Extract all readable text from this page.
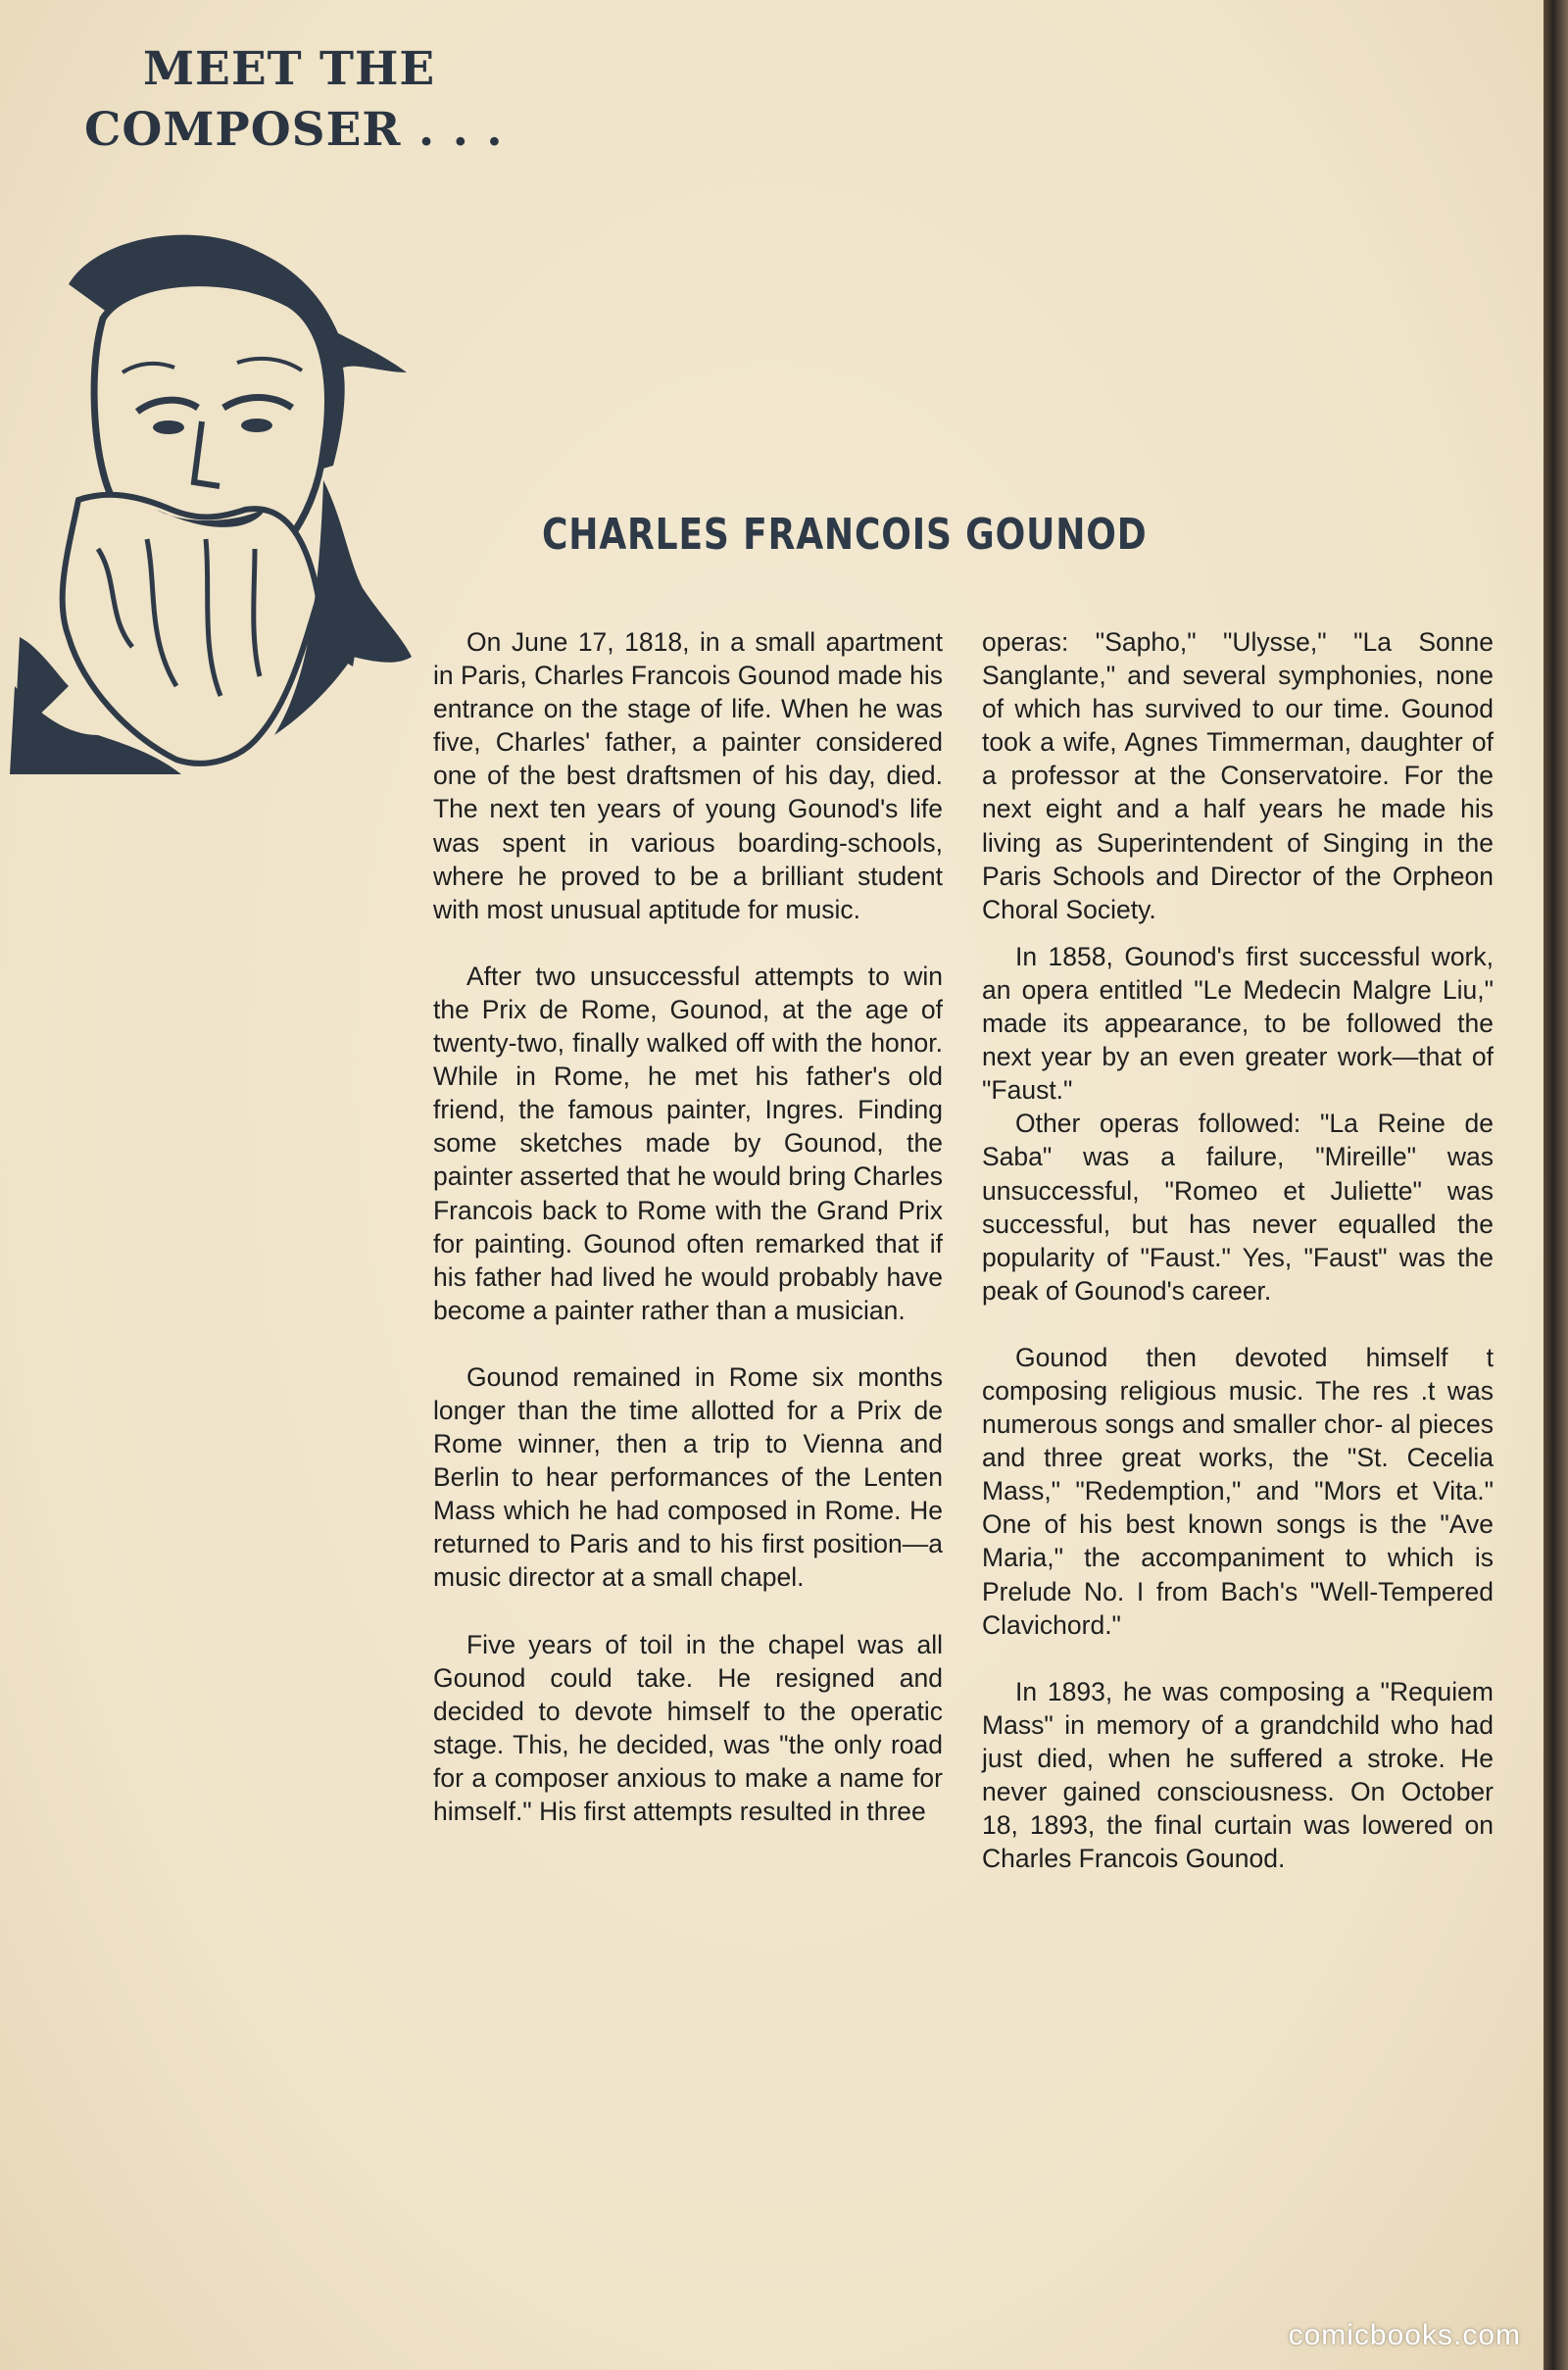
MEET THE
COMPOSER . . .
CHARLES FRANCOIS GOUNOD

On June 17, 1818, in a small apartment in Paris, Charles Francois Gounod made his entrance on the stage of life. When he was five, Charles' father, a painter considered one of the best draftsmen of his day, died. The next ten years of young Gounod's life was spent in various boarding-schools, where he proved to be a brilliant student with most unusual aptitude for music.

After two unsuccessful attempts to win the Prix de Rome, Gounod, at the age of twenty-two, finally walked off with the honor. While in Rome, he met his father's old friend, the famous painter, Ingres. Finding some sketches made by Gounod, the painter asserted that he would bring Charles Francois back to Rome with the Grand Prix for painting. Gounod often remarked that if his father had lived he would probably have become a painter rather than a musician.

Gounod remained in Rome six months longer than the time allotted for a Prix de Rome winner, then a trip to Vienna and Berlin to hear performances of the Lenten Mass which he had composed in Rome. He returned to Paris and to his first position—a music director at a small chapel.

Five years of toil in the chapel was all Gounod could take. He resigned and decided to devote himself to the operatic stage. This, he decided, was "the only road for a composer anxious to make a name for himself." His first attempts resulted in three

operas: "Sapho," "Ulysse," "La Sonne Sanglante," and several symphonies, none of which has survived to our time. Gounod took a wife, Agnes Timmerman, daughter of a professor at the Conservatoire. For the next eight and a half years he made his living as Superintendent of Singing in the Paris Schools and Director of the Orpheon Choral Society.

In 1858, Gounod's first successful work, an opera entitled "Le Medecin Malgre Liu," made its appearance, to be followed the next year by an even greater work—that of "Faust."

Other operas followed: "La Reine de Saba" was a failure, "Mireille" was unsuccessful, "Romeo et Juliette" was successful, but has never equalled the popularity of "Faust." Yes, "Faust" was the peak of Gounod's career.

Gounod then devoted himself t composing religious music. The res .t was numerous songs and smaller chor- al pieces and three great works, the "St. Cecelia Mass," "Redemption," and "Mors et Vita." One of his best known songs is the "Ave Maria," the accompaniment to which is Prelude No. I from Bach's "Well-Tempered Clavichord."

In 1893, he was composing a "Requiem Mass" in memory of a grandchild who had just died, when he suffered a stroke. He never gained consciousness. On October 18, 1893, the final curtain was lowered on Charles Francois Gounod.

comicbooks.com
